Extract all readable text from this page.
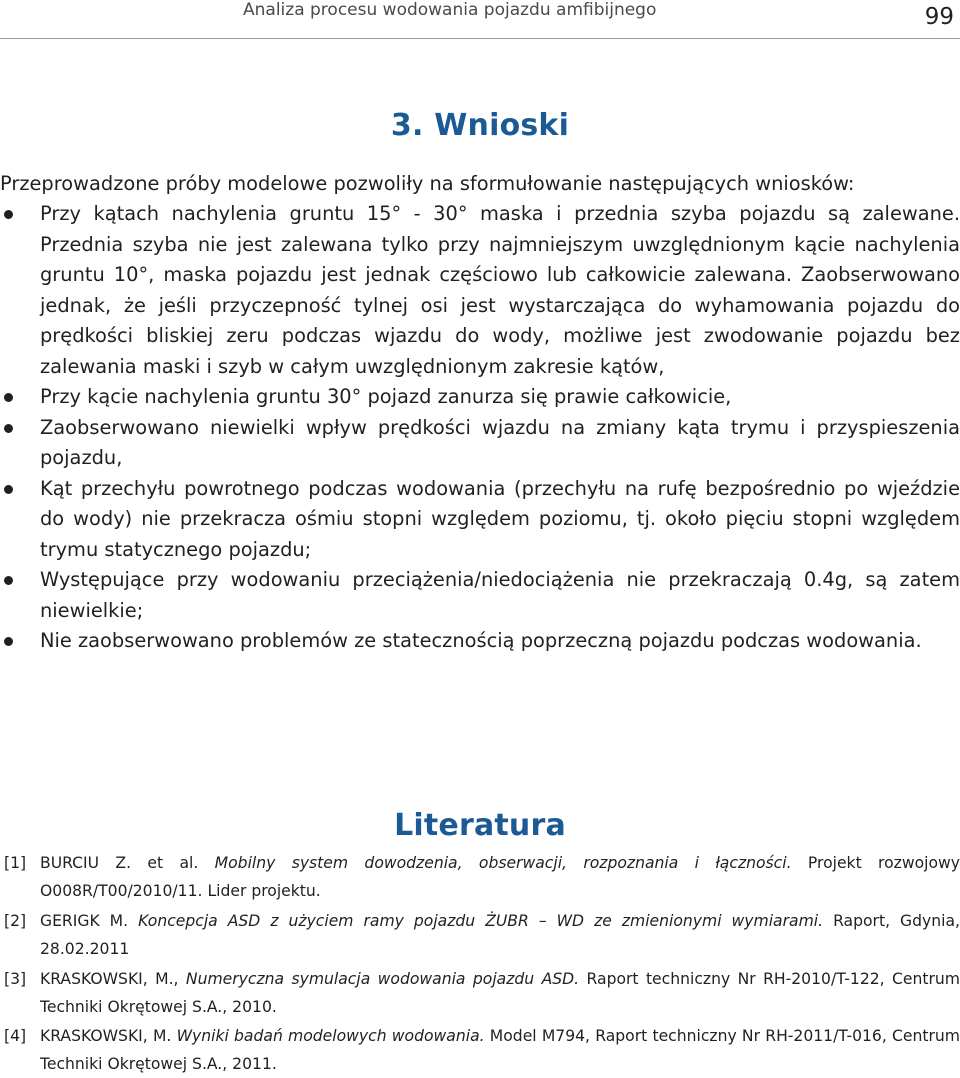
Analiza procesu wodowania pojazdu amfibijnego	99
3. Wnioski

Przeprowadzone próby modelowe pozwoliły na sformułowanie następujących wniosków:

Przy kątach nachylenia gruntu 15° - 30° maska i przednia szyba pojazdu są zalewane. Przednia szyba nie jest zalewana tylko przy najmniejszym uwzględnionym kącie nachylenia gruntu 10°, maska pojazdu jest jednak częściowo lub całkowicie zalewana. Zaobserwowano jednak, że jeśli przyczepność tylnej osi jest wystarczająca do wyhamowania pojazdu do prędkości bliskiej zeru podczas wjazdu do wody, możliwe jest zwodowanie pojazdu bez zalewania maski i szyb w całym uwzględnionym zakresie kątów,
Przy kącie nachylenia gruntu 30° pojazd zanurza się prawie całkowicie,
Zaobserwowano niewielki wpływ prędkości wjazdu na zmiany kąta trymu i przyspieszenia pojazdu,
Kąt przechyłu powrotnego podczas wodowania (przechyłu na rufę bezpośrednio po wjeździe do wody) nie przekracza ośmiu stopni względem poziomu, tj. około pięciu stopni względem trymu statycznego pojazdu;
Występujące przy wodowaniu przeciążenia/niedociążenia nie przekraczają 0.4g, są zatem niewielkie;
Nie zaobserwowano problemów ze statecznością poprzeczną pojazdu podczas wodowania.
Literatura
[1] BURCIU Z. et al. Mobilny system dowodzenia, obserwacji, rozpoznania i łączności. Projekt rozwojowy O008R/T00/2010/11. Lider projektu.
[2] GERIGK M. Koncepcja ASD z użyciem ramy pojazdu ŻUBR – WD ze zmienionymi wymiarami. Raport, Gdynia, 28.02.2011
[3] KRASKOWSKI, M., Numeryczna symulacja wodowania pojazdu ASD. Raport techniczny Nr RH-2010/T-122, Centrum Techniki Okrętowej S.A., 2010.
[4] KRASKOWSKI, M. Wyniki badań modelowych wodowania. Model M794, Raport techniczny Nr RH-2011/T-016, Centrum Techniki Okrętowej S.A., 2011.
